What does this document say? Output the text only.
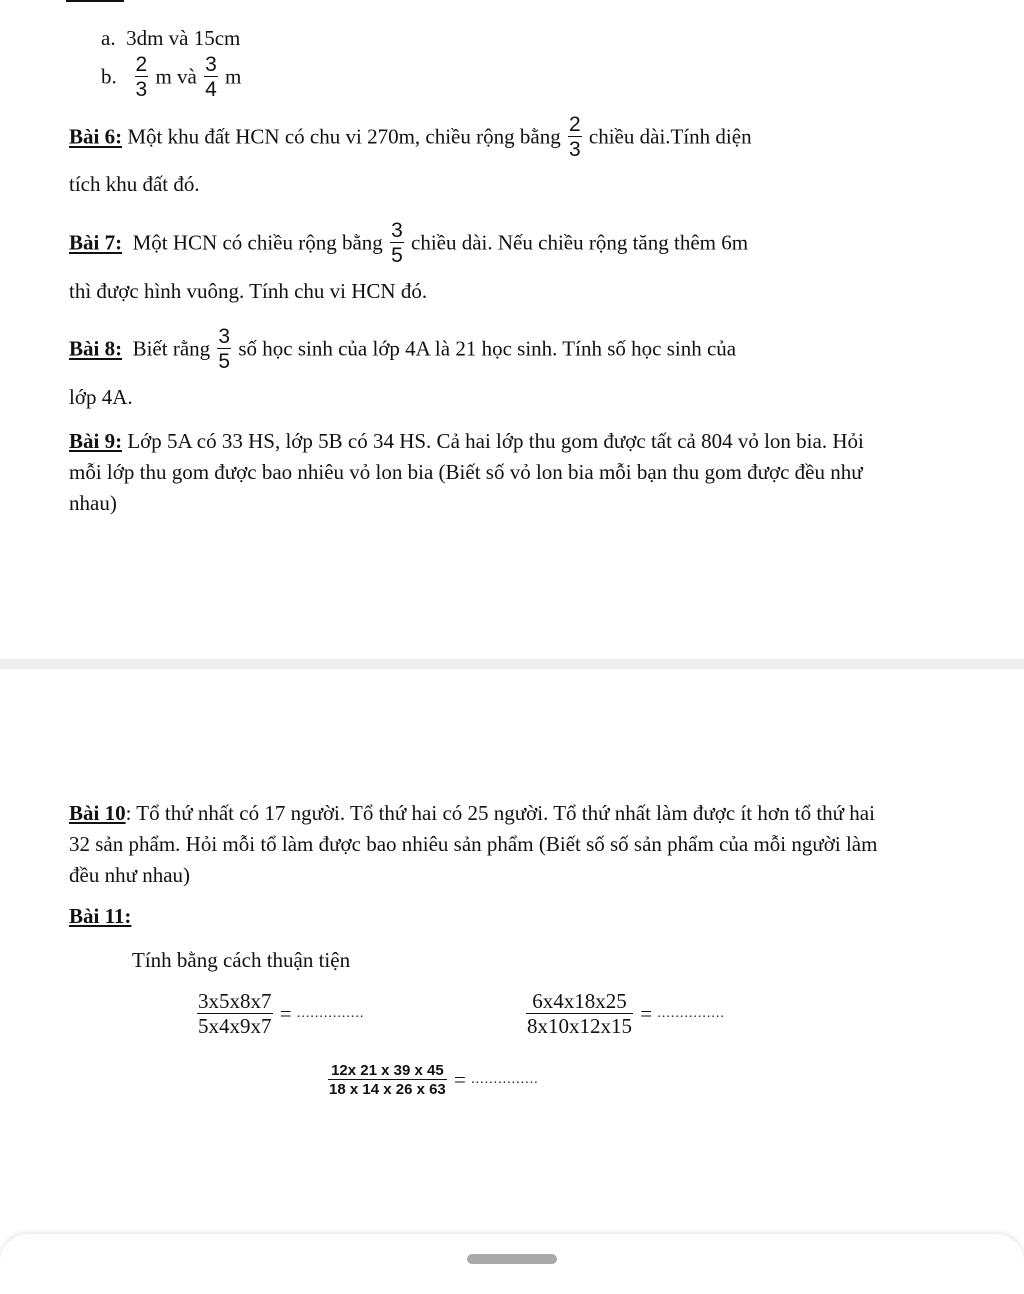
a. 3dm và 15cm
b. $\frac{2}{3}$ m và $\frac{3}{4}$ m
Bài 6: Một khu đất HCN có chu vi 270m, chiều rộng bằng $\frac{2}{3}$ chiều dài.Tính diện
tích khu đất đó.
Bài 7:  Một HCN có chiều rộng bằng $\frac{3}{5}$ chiều dài. Nếu chiều rộng tăng thêm 6m
thì được hình vuông. Tính chu vi HCN đó.
Bài 8:  Biết rằng $\frac{3}{5}$ số học sinh của lớp 4A là 21 học sinh. Tính số học sinh của
lớp 4A.
Bài 9: Lớp 5A có 33 HS, lớp 5B có 34 HS. Cả hai lớp thu gom được tất cả 804 vỏ lon bia. Hỏi mỗi lớp thu gom được bao nhiêu vỏ lon bia (Biết số vỏ lon bia mỗi bạn thu gom được đều như nhau)
Bài 10: Tổ thứ nhất có 17 người. Tổ thứ hai có 25 người. Tổ thứ nhất làm được ít hơn tổ thứ hai 32 sản phẩm. Hỏi mỗi tổ làm được bao nhiêu sản phẩm (Biết số số sản phẩm của mỗi người làm đều như nhau)
Bài 11:
Tính bằng cách thuận tiện
$\frac{3x5x8x7}{5x4x9x7}$ = ...............	$\frac{6x4x18x25}{8x10x12x15}$ = ...............
$\frac{12x 21 x 39 x 45}{18 x 14 x 26 x 63}$ = ...............
